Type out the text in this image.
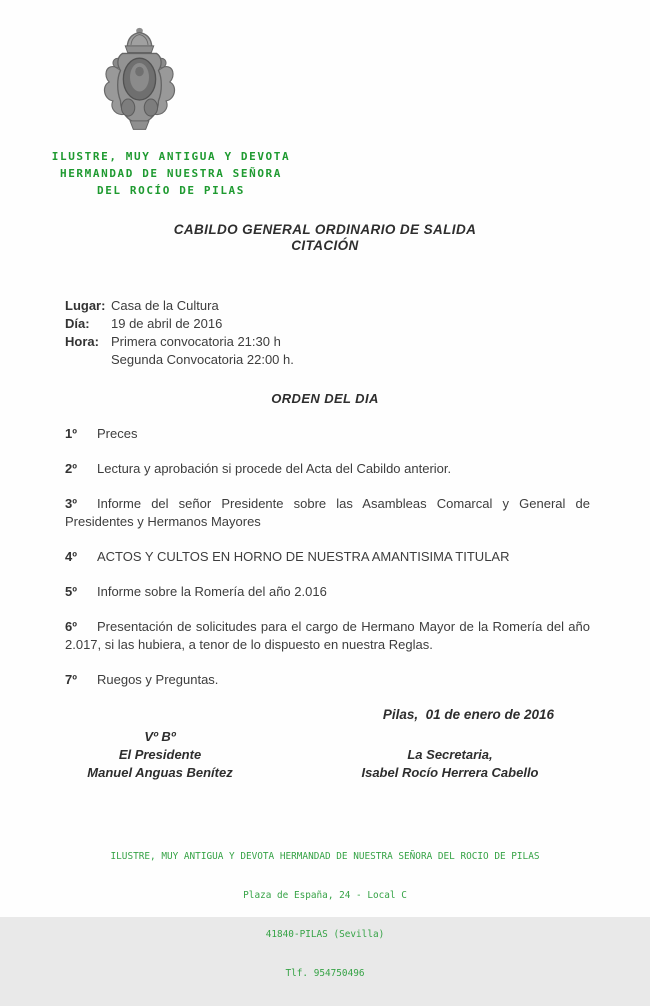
ILUSTRE, MUY ANTIGUA Y DEVOTA
HERMANDAD DE NUESTRA SEÑORA
DEL ROCÍO DE PILAS
CABILDO GENERAL ORDINARIO DE SALIDA
CITACIÓN
Lugar: Casa de la Cultura
Día:	19 de abril de 2016
Hora: Primera convocatoria 21:30 h
Segunda Convocatoria 22:00 h.
ORDEN DEL DIA
1º Preces
2º Lectura y aprobación si procede del Acta del Cabildo anterior.
3º Informe del señor Presidente sobre las Asambleas Comarcal y General de Presidentes y Hermanos Mayores
4º ACTOS Y CULTOS EN HORNO DE NUESTRA AMANTISIMA TITULAR
5º Informe sobre la Romería del año 2.016
6º Presentación de solicitudes para el cargo de Hermano Mayor de la Romería del año 2.017, si las hubiera, a tenor de lo dispuesto en nuestra Reglas.
7º Ruegos y Preguntas.
Pilas,  01 de enero de 2016
Vº Bº
El Presidente
Manuel Anguas Benítez
La Secretaria,
Isabel Rocío Herrera Cabello

ILUSTRE, MUY ANTIGUA Y DEVOTA HERMANDAD DE NUESTRA SEÑORA DEL ROCIO DE PILAS

Plaza de España, 24 - Local C

41840-PILAS (Sevilla)

Tlf. 954750496
